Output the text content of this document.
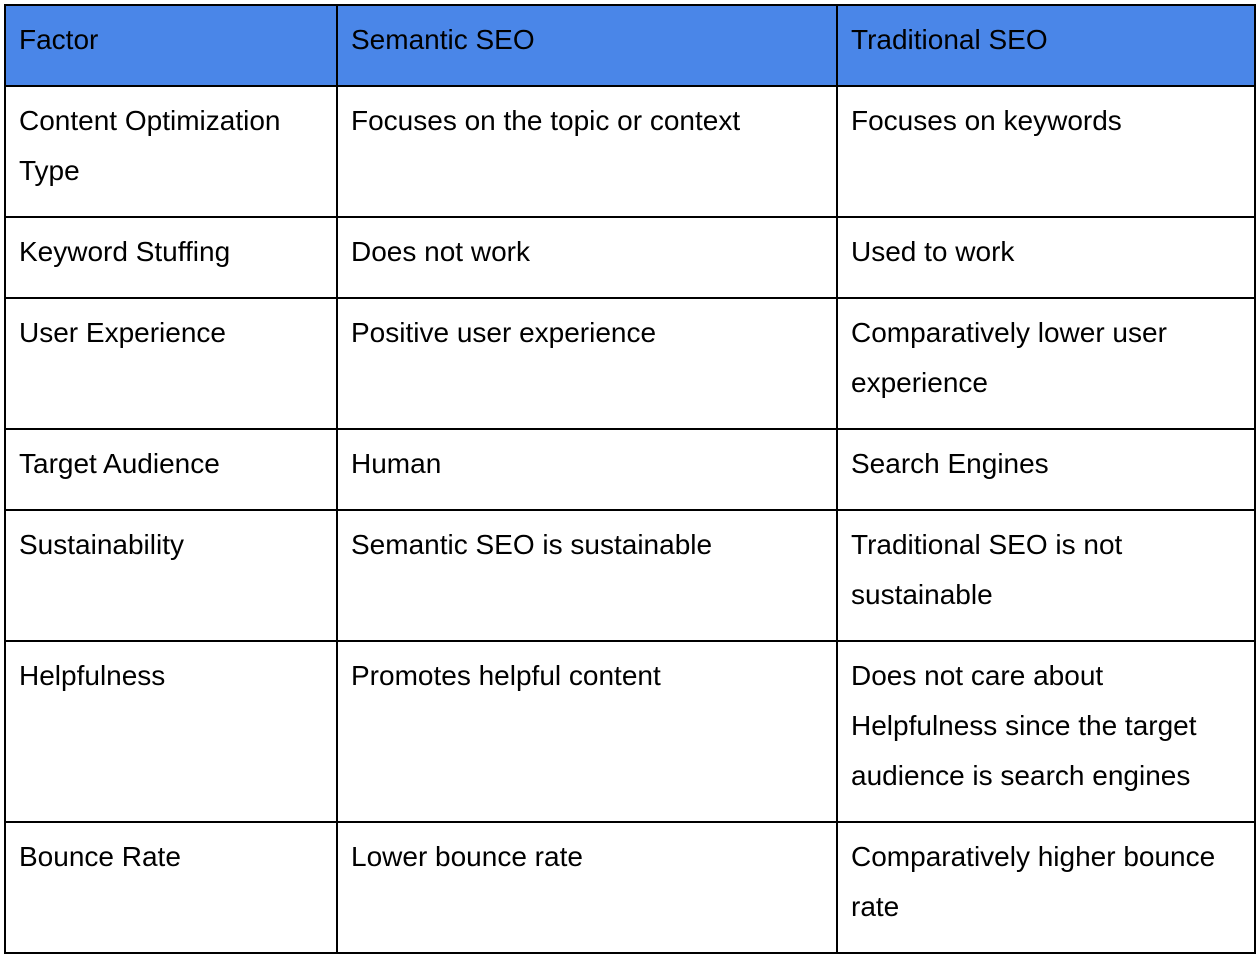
Factor	Semantic SEO	Traditional SEO
Content Optimization Type	Focuses on the topic or context	Focuses on keywords
Keyword Stuffing	Does not work	Used to work
User Experience	Positive user experience	Comparatively lower user experience
Target Audience	Human	Search Engines
Sustainability	Semantic SEO is sustainable	Traditional SEO is not sustainable
Helpfulness	Promotes helpful content	Does not care about Helpfulness since the target audience is search engines
Bounce Rate	Lower bounce rate	Comparatively higher bounce rate
